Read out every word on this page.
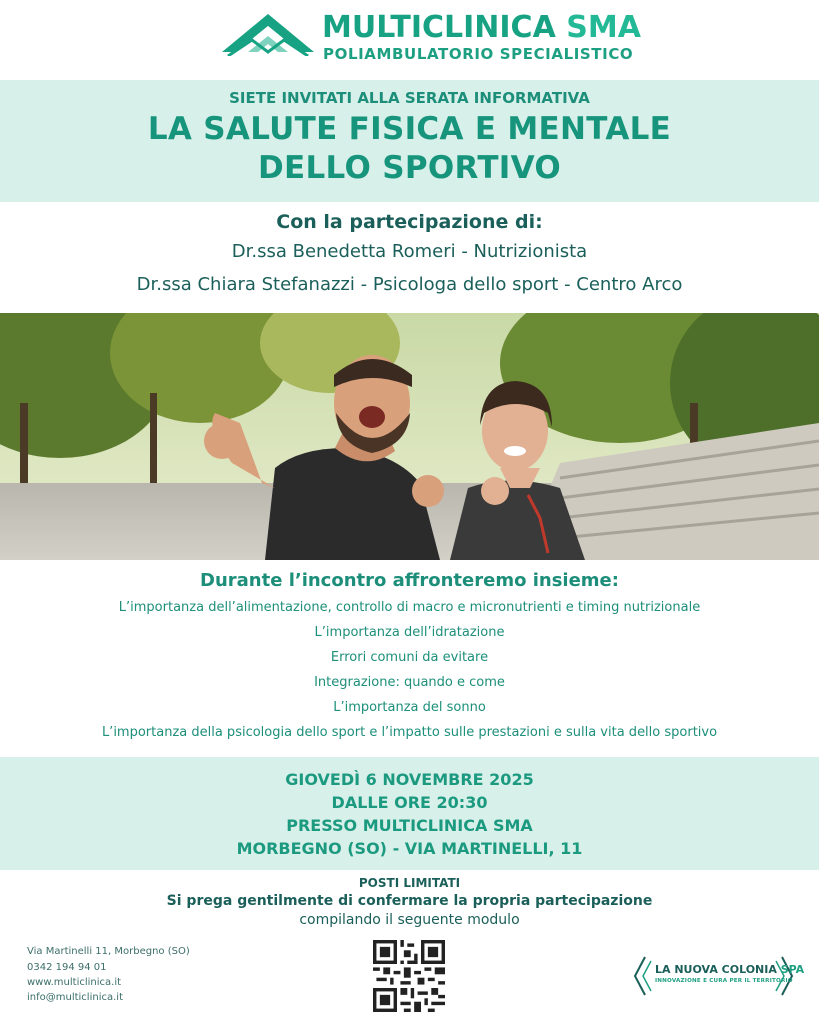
MULTICLINICA SMA
POLIAMBULATORIO SPECIALISTICO
SIETE INVITATI ALLA SERATA INFORMATIVA
LA SALUTE FISICA E MENTALE
DELLO SPORTIVO
Con la partecipazione di:
Dr.ssa Benedetta Romeri - Nutrizionista
Dr.ssa Chiara Stefanazzi - Psicologa dello sport - Centro Arco
Durante l’incontro affronteremo insieme:
L’importanza dell’alimentazione, controllo di macro e micronutrienti e timing nutrizionale
L’importanza dell’idratazione
Errori comuni da evitare
Integrazione: quando e come
L’importanza del sonno
L’importanza della psicologia dello sport e l’impatto sulle prestazioni e sulla vita dello sportivo
GIOVEDÌ 6 NOVEMBRE 2025
DALLE ORE 20:30
PRESSO MULTICLINICA SMA
MORBEGNO (SO) - VIA MARTINELLI, 11
POSTI LIMITATI
Si prega gentilmente di confermare la propria partecipazione
compilando il seguente modulo
Via Martinelli 11, Morbegno (SO)
0342 194 94 01
www.multiclinica.it
info@multiclinica.it
LA NUOVA COLONIA SPA
INNOVAZIONE E CURA PER IL TERRITORIO
